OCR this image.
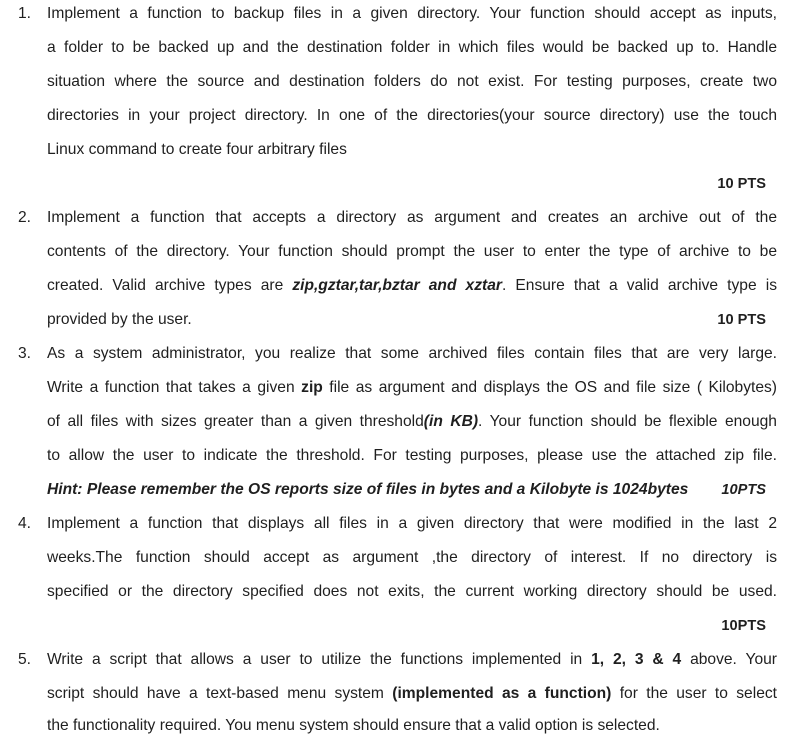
1.	Implement a function to backup files in a given directory. Your function should accept as inputs,
a folder to be backed up and the destination folder in which files would be backed up to. Handle
situation where the source and destination folders do not exist. For testing purposes, create two
directories in your project directory. In one of the directories(your source directory) use the touch
Linux command to create four arbitrary files
10 PTS
2.	Implement a function that accepts a directory as argument and creates an archive out of the
contents of the directory. Your function should prompt the user to enter the type of archive to be
created. Valid archive types are zip,gztar,tar,bztar and xztar. Ensure that a valid archive type is
provided by the user.	10 PTS
3.	As a system administrator, you realize that some archived files contain files that are very large.
Write a function that takes a given zip file as argument and displays the OS and file size ( Kilobytes)
of all files with sizes greater than a given threshold(in KB). Your function should be flexible enough
to allow the user to indicate the threshold. For testing purposes, please use the attached zip file.
Hint: Please remember the OS reports size of files in bytes and a Kilobyte is 1024bytes 10PTS
4.	Implement a function that displays all files in a given directory that were modified in the last 2
weeks.The function should accept as argument ,the directory of interest. If no directory is
specified or the directory specified does not exits, the current working directory should be used.
10PTS
5.	Write a script that allows a user to utilize the functions implemented in 1, 2, 3 & 4 above. Your
script should have a text-based menu system (implemented as a function) for the user to select
the functionality required. You menu system should ensure that a valid option is selected.
